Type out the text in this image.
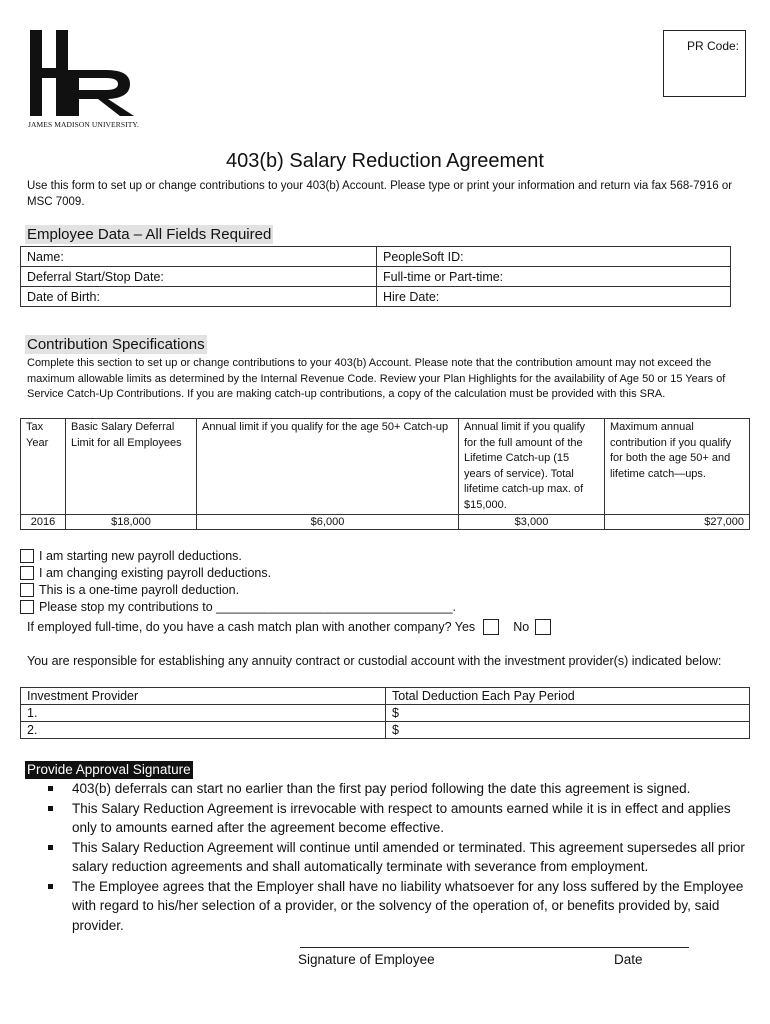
JAMES MADISON UNIVERSITY.
PR Code:
403(b) Salary Reduction Agreement
Use this form to set up or change contributions to your 403(b) Account. Please type or print your information and return via fax 568-7916 or MSC 7009.
Employee Data – All Fields Required
Name:	PeopleSoft ID:
Deferral Start/Stop Date:	Full-time or Part-time:
Date of Birth:	Hire Date:
Contribution Specifications
Complete this section to set up or change contributions to your 403(b) Account. Please note that the contribution amount may not exceed the maximum allowable limits as determined by the Internal Revenue Code. Review your Plan Highlights for the availability of Age 50 or 15 Years of Service Catch-Up Contributions. If you are making catch-up contributions, a copy of the calculation must be provided with this SRA.
Tax Year	Basic Salary Deferral Limit for all Employees	Annual limit if you qualify for the age 50+ Catch-up	Annual limit if you qualify for the full amount of the Lifetime Catch-up (15 years of service). Total lifetime catch-up max. of $15,000.	Maximum annual contribution if you qualify for both the age 50+ and lifetime catch—ups.
2016	$18,000	$6,000	$3,000	$27,000
I am starting new payroll deductions.
I am changing existing payroll deductions.
This is a one-time payroll deduction.
Please stop my contributions to __________________________________.
If employed full-time, do you have a cash match plan with another company? Yes	No
You are responsible for establishing any annuity contract or custodial account with the investment provider(s) indicated below:
Investment Provider	Total Deduction Each Pay Period
1.	$
2.	$
Provide Approval Signature
403(b) deferrals can start no earlier than the first pay period following the date this agreement is signed.
This Salary Reduction Agreement is irrevocable with respect to amounts earned while it is in effect and applies only to amounts earned after the agreement become effective.
This Salary Reduction Agreement will continue until amended or terminated. This agreement supersedes all prior salary reduction agreements and shall automatically terminate with severance from employment.
The Employee agrees that the Employer shall have no liability whatsoever for any loss suffered by the Employee with regard to his/her selection of a provider, or the solvency of the operation of, or benefits provided by, said provider.
Signature of Employee	Date
